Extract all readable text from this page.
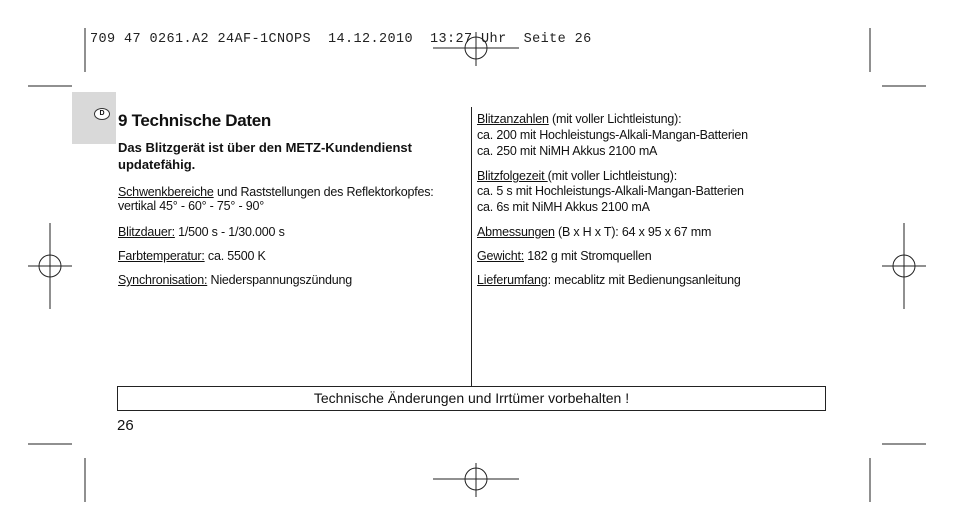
709 47 0261.A2 24AF-1CNOPS  14.12.2010  13:27 Uhr  Seite 26
D 9 Technische Daten
Das Blitzgerät ist über den METZ-Kundendienst updatefähig.
Schwenkbereiche und Raststellungen des Reflektorkopfes:
vertikal 45° - 60° - 75° - 90°
Blitzdauer: 1/500 s - 1/30.000 s
Farbtemperatur: ca. 5500 K
Synchronisation: Niederspannungszündung
Blitzanzahlen (mit voller Lichtleistung):
ca. 200 mit Hochleistungs-Alkali-Mangan-Batterien
ca. 250 mit NiMH Akkus 2100 mA
Blitzfolgezeit (mit voller Lichtleistung):
ca. 5 s mit Hochleistungs-Alkali-Mangan-Batterien
ca. 6s mit NiMH Akkus 2100 mA
Abmessungen (B x H x T): 64 x 95 x 67 mm
Gewicht: 182 g mit Stromquellen
Lieferumfang: mecablitz mit Bedienungsanleitung
Technische Änderungen und Irrtümer vorbehalten !
26
